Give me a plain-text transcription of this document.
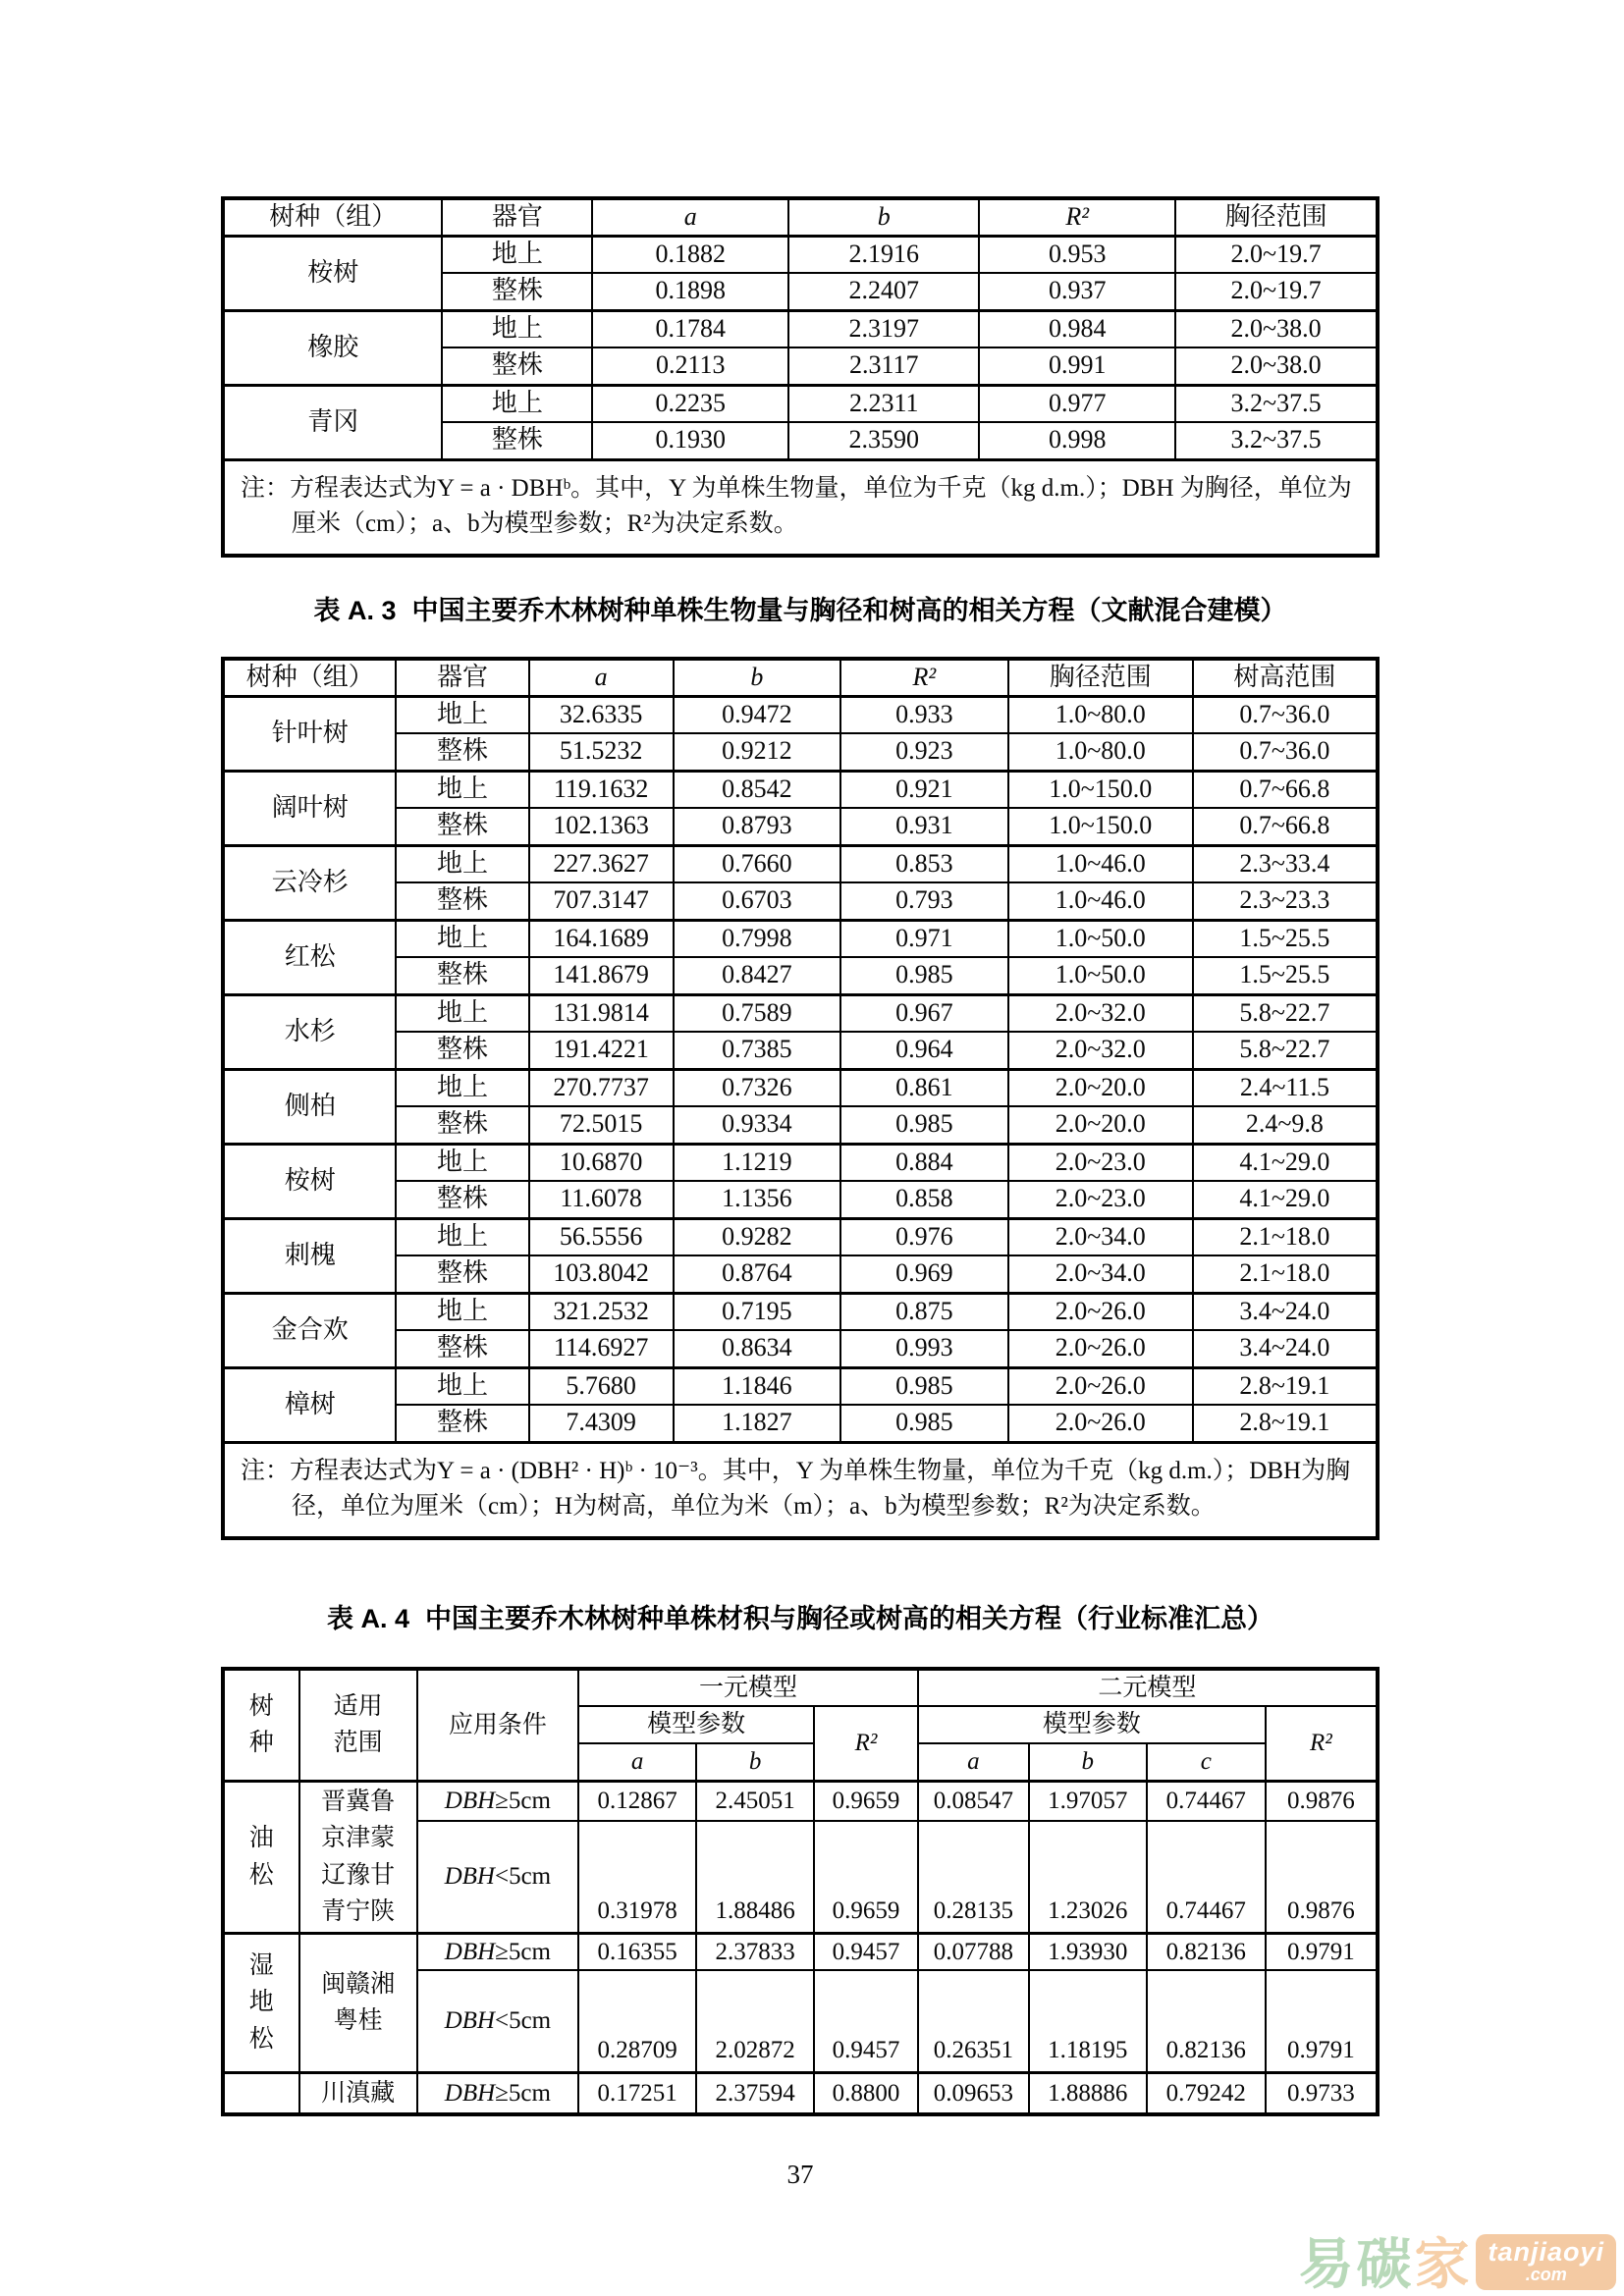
树种（组）	器官	a	b	R²	胸径范围
桉树	地上	0.1882	2.1916	0.953	2.0~19.7
	整株	0.1898	2.2407	0.937	2.0~19.7
橡胶	地上	0.1784	2.3197	0.984	2.0~38.0
	整株	0.2113	2.3117	0.991	2.0~38.0
青冈	地上	0.2235	2.2311	0.977	3.2~37.5
	整株	0.1930	2.3590	0.998	3.2~37.5

注：方程表达式为Y = a · DBHᵇ。其中，Y 为单株生物量，单位为千克（kg d.m.）；DBH 为胸径，单位为厘米（cm）；a、b为模型参数；R²为决定系数。					
表 A. 3 中国主要乔木林树种单株生物量与胸径和树高的相关方程（文献混合建模）
树种（组）	器官	a	b	R²	胸径范围	树高范围
针叶树	地上	32.6335	0.9472	0.933	1.0~80.0	0.7~36.0
	整株	51.5232	0.9212	0.923	1.0~80.0	0.7~36.0
阔叶树	地上	119.1632	0.8542	0.921	1.0~150.0	0.7~66.8
	整株	102.1363	0.8793	0.931	1.0~150.0	0.7~66.8
云冷杉	地上	227.3627	0.7660	0.853	1.0~46.0	2.3~33.4
	整株	707.3147	0.6703	0.793	1.0~46.0	2.3~23.3
红松	地上	164.1689	0.7998	0.971	1.0~50.0	1.5~25.5
	整株	141.8679	0.8427	0.985	1.0~50.0	1.5~25.5
水杉	地上	131.9814	0.7589	0.967	2.0~32.0	5.8~22.7
	整株	191.4221	0.7385	0.964	2.0~32.0	5.8~22.7
侧柏	地上	270.7737	0.7326	0.861	2.0~20.0	2.4~11.5
	整株	72.5015	0.9334	0.985	2.0~20.0	2.4~9.8
桉树	地上	10.6870	1.1219	0.884	2.0~23.0	4.1~29.0
	整株	11.6078	1.1356	0.858	2.0~23.0	4.1~29.0
刺槐	地上	56.5556	0.9282	0.976	2.0~34.0	2.1~18.0
	整株	103.8042	0.8764	0.969	2.0~34.0	2.1~18.0
金合欢	地上	321.2532	0.7195	0.875	2.0~26.0	3.4~24.0
	整株	114.6927	0.8634	0.993	2.0~26.0	3.4~24.0
樟树	地上	5.7680	1.1846	0.985	2.0~26.0	2.8~19.1
	整株	7.4309	1.1827	0.985	2.0~26.0	2.8~19.1

注：方程表达式为Y = a · (DBH² · H)ᵇ · 10⁻³。其中，Y 为单株生物量，单位为千克（kg d.m.）；DBH为胸径，单位为厘米（cm）；H为树高，单位为米（m）；a、b为模型参数；R²为决定系数。						
表 A. 4 中国主要乔木林树种单株材积与胸径或树高的相关方程（行业标准汇总）
树种	适用范围	应用条件	一元模型			二元模型			
			模型参数		R²	模型参数			R²
			a	b		a	b	c	

油松	晋冀鲁京津蒙辽豫甘青宁陕	DBH≥5cm	0.12867	2.45051	0.9659	0.08547	1.97057	0.74467	0.9876
		DBH<5cm	0.31978	1.88486	0.9659	0.28135	1.23026	0.74467	0.9876

湿地松	闽赣湘粤桂	DBH≥5cm	0.16355	2.37833	0.9457	0.07788	1.93930	0.82136	0.9791
		DBH<5cm	0.28709	2.02872	0.9457	0.26351	1.18195	0.82136	0.9791

	川滇藏	DBH≥5cm	0.17251	2.37594	0.8800	0.09653	1.88886	0.79242	0.9733
37
易 碳 家 tanjiaoyi
.com
